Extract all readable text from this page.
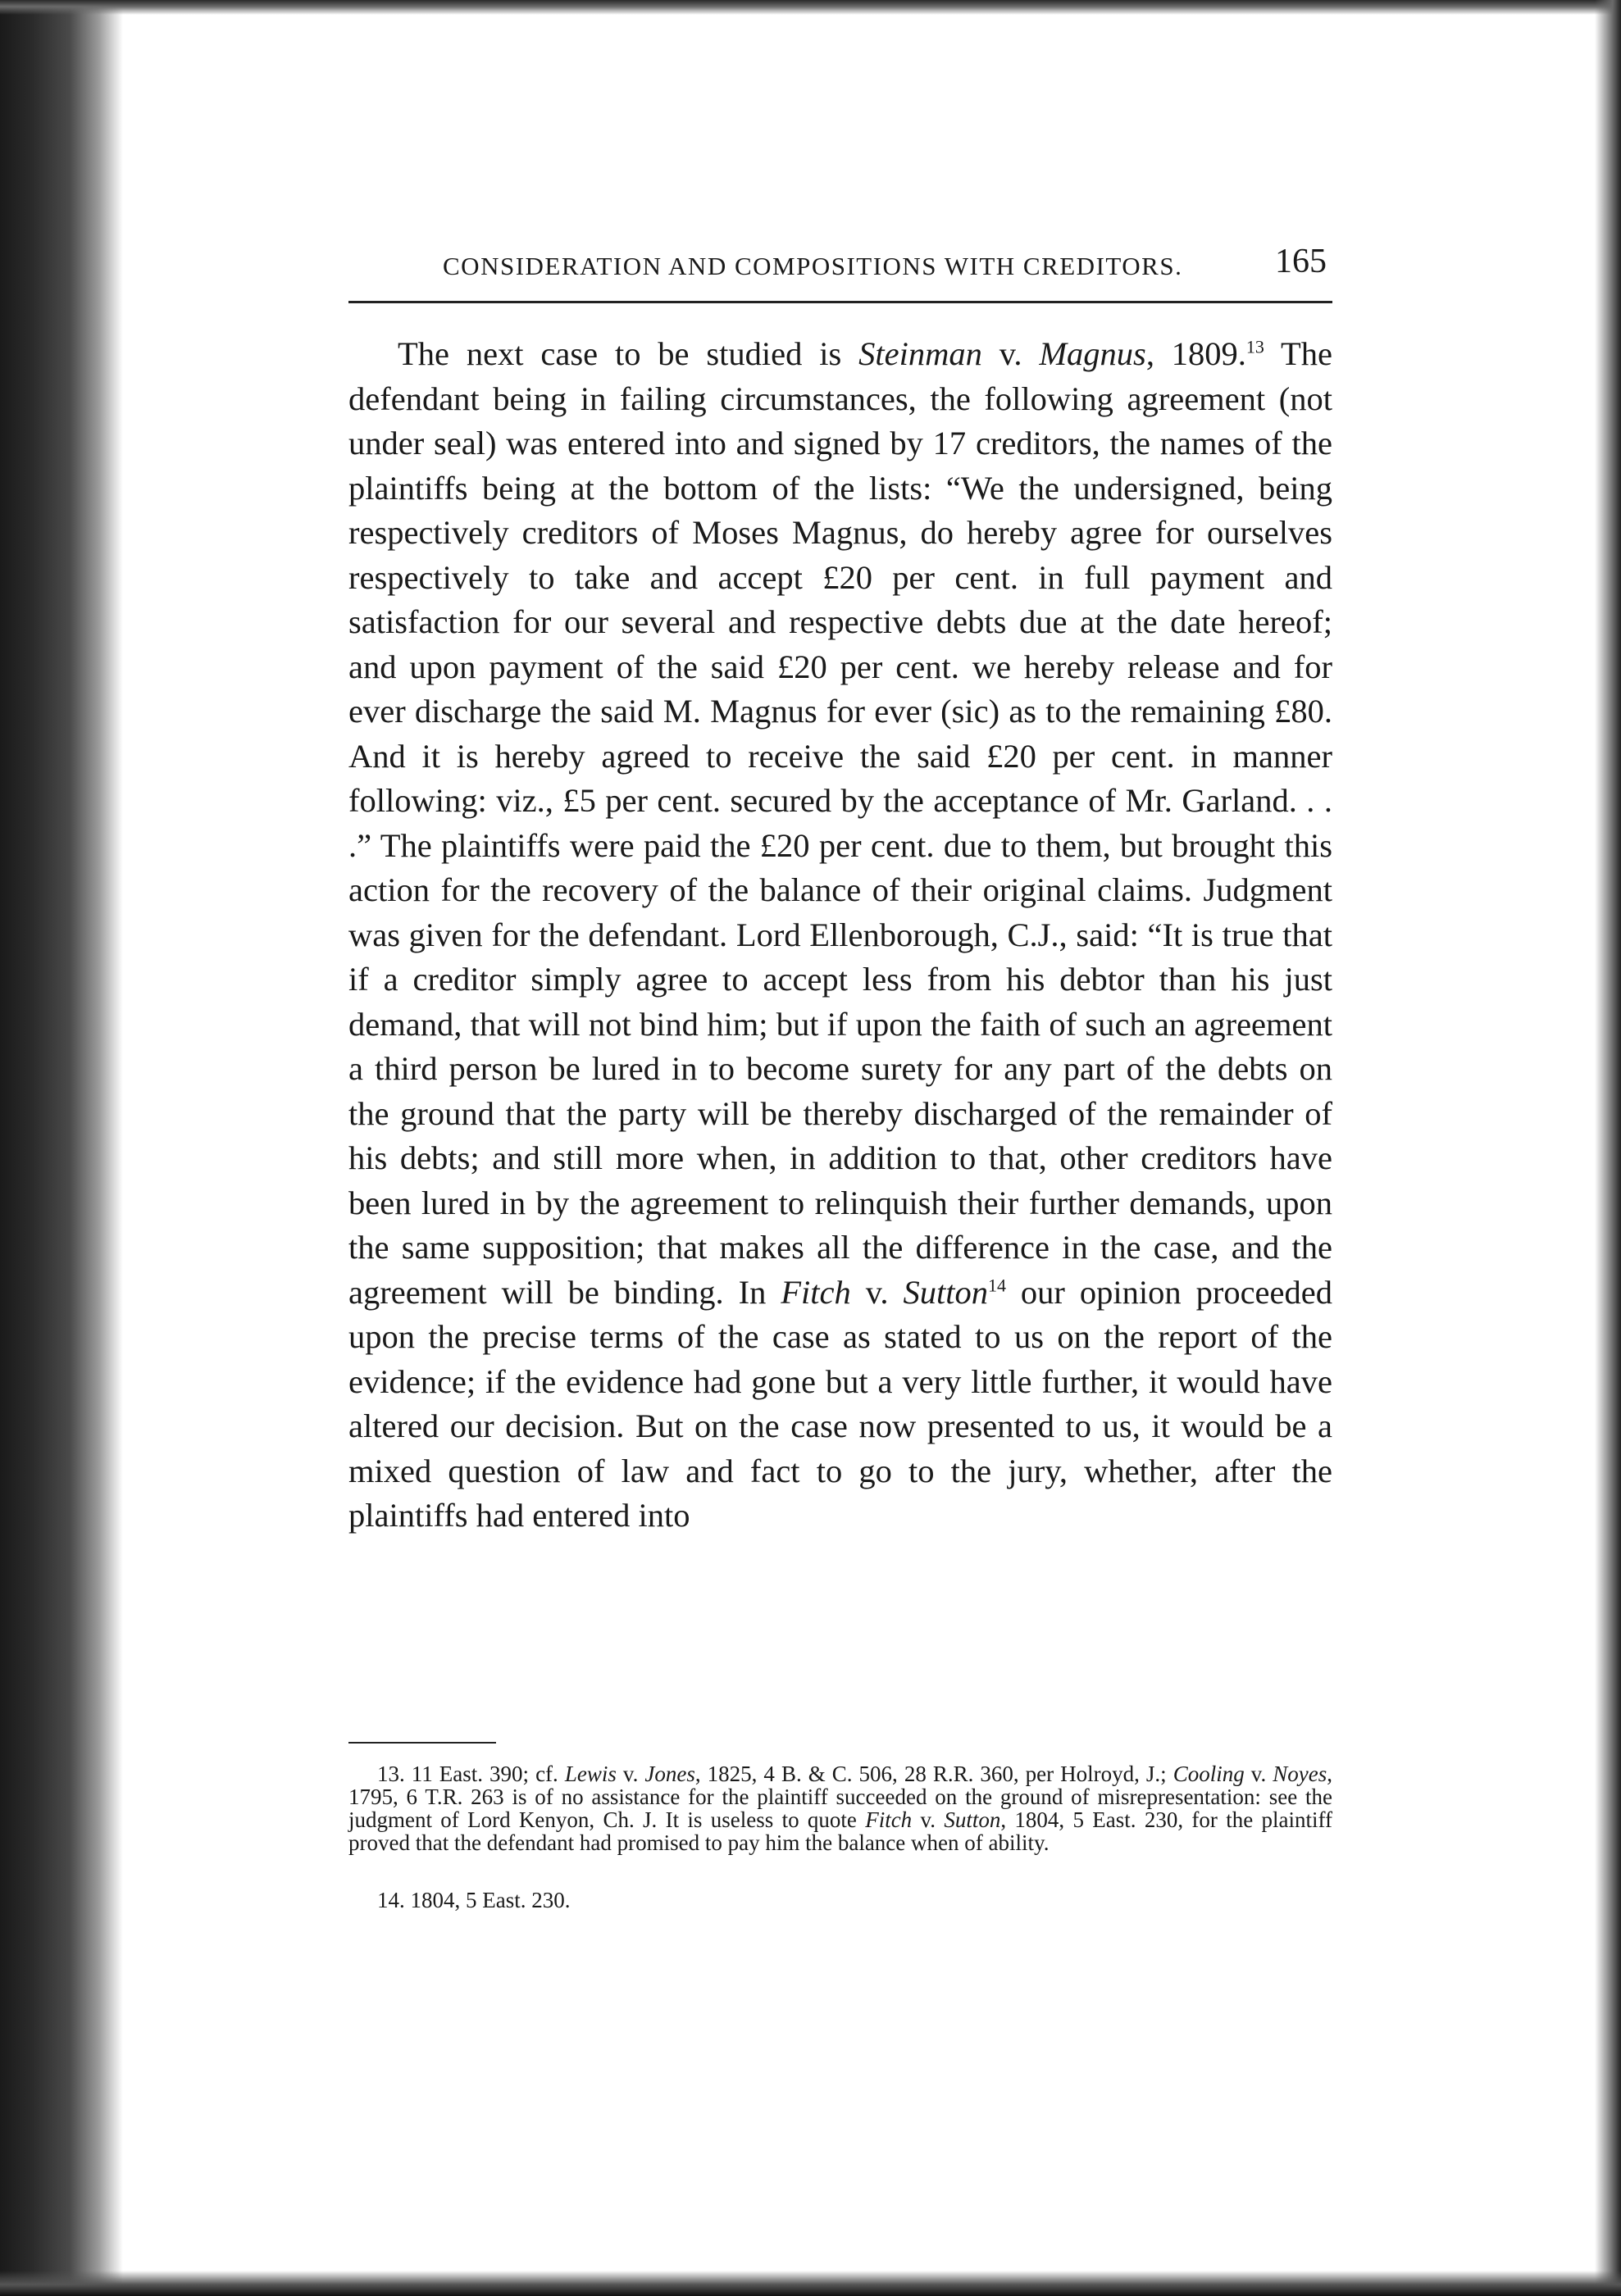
CONSIDERATION AND COMPOSITIONS WITH CREDITORS.	165

The next case to be studied is Steinman v. Magnus, 1809.13 The defendant being in failing circumstances, the following agreement (not under seal) was entered into and signed by 17 creditors, the names of the plaintiffs being at the bottom of the lists: “We the undersigned, being respectively creditors of Moses Magnus, do hereby agree for ourselves respectively to take and accept £20 per cent. in full payment and satisfaction for our several and respective debts due at the date hereof; and upon payment of the said £20 per cent. we hereby release and for ever discharge the said M. Magnus for ever (sic) as to the remaining £80. And it is hereby agreed to receive the said £20 per cent. in manner following: viz., £5 per cent. secured by the acceptance of Mr. Garland. . . .” The plaintiffs were paid the £20 per cent. due to them, but brought this action for the recovery of the balance of their original claims. Judgment was given for the defendant. Lord Ellenborough, C.J., said: “It is true that if a creditor simply agree to accept less from his debtor than his just demand, that will not bind him; but if upon the faith of such an agreement a third person be lured in to become surety for any part of the debts on the ground that the party will be thereby discharged of the remainder of his debts; and still more when, in addition to that, other creditors have been lured in by the agreement to relinquish their further demands, upon the same supposition; that makes all the difference in the case, and the agreement will be binding. In Fitch v. Sutton$^{14}$ our opinion proceeded upon the precise terms of the case as stated to us on the report of the evidence; if the evidence had gone but a very little further, it would have altered our decision. But on the case now presented to us, it would be a mixed question of law and fact to go to the jury, whether, after the plaintiffs had entered into

13. 11 East. 390; cf. Lewis v. Jones, 1825, 4 B. & C. 506, 28 R.R. 360, per Holroyd, J.; Cooling v. Noyes, 1795, 6 T.R. 263 is of no assistance for the plaintiff succeeded on the ground of misrepresentation: see the judgment of Lord Kenyon, Ch. J. It is useless to quote Fitch v. Sutton, 1804, 5 East. 230, for the plaintiff proved that the defendant had promised to pay him the balance when of ability.

14. 1804, 5 East. 230.
